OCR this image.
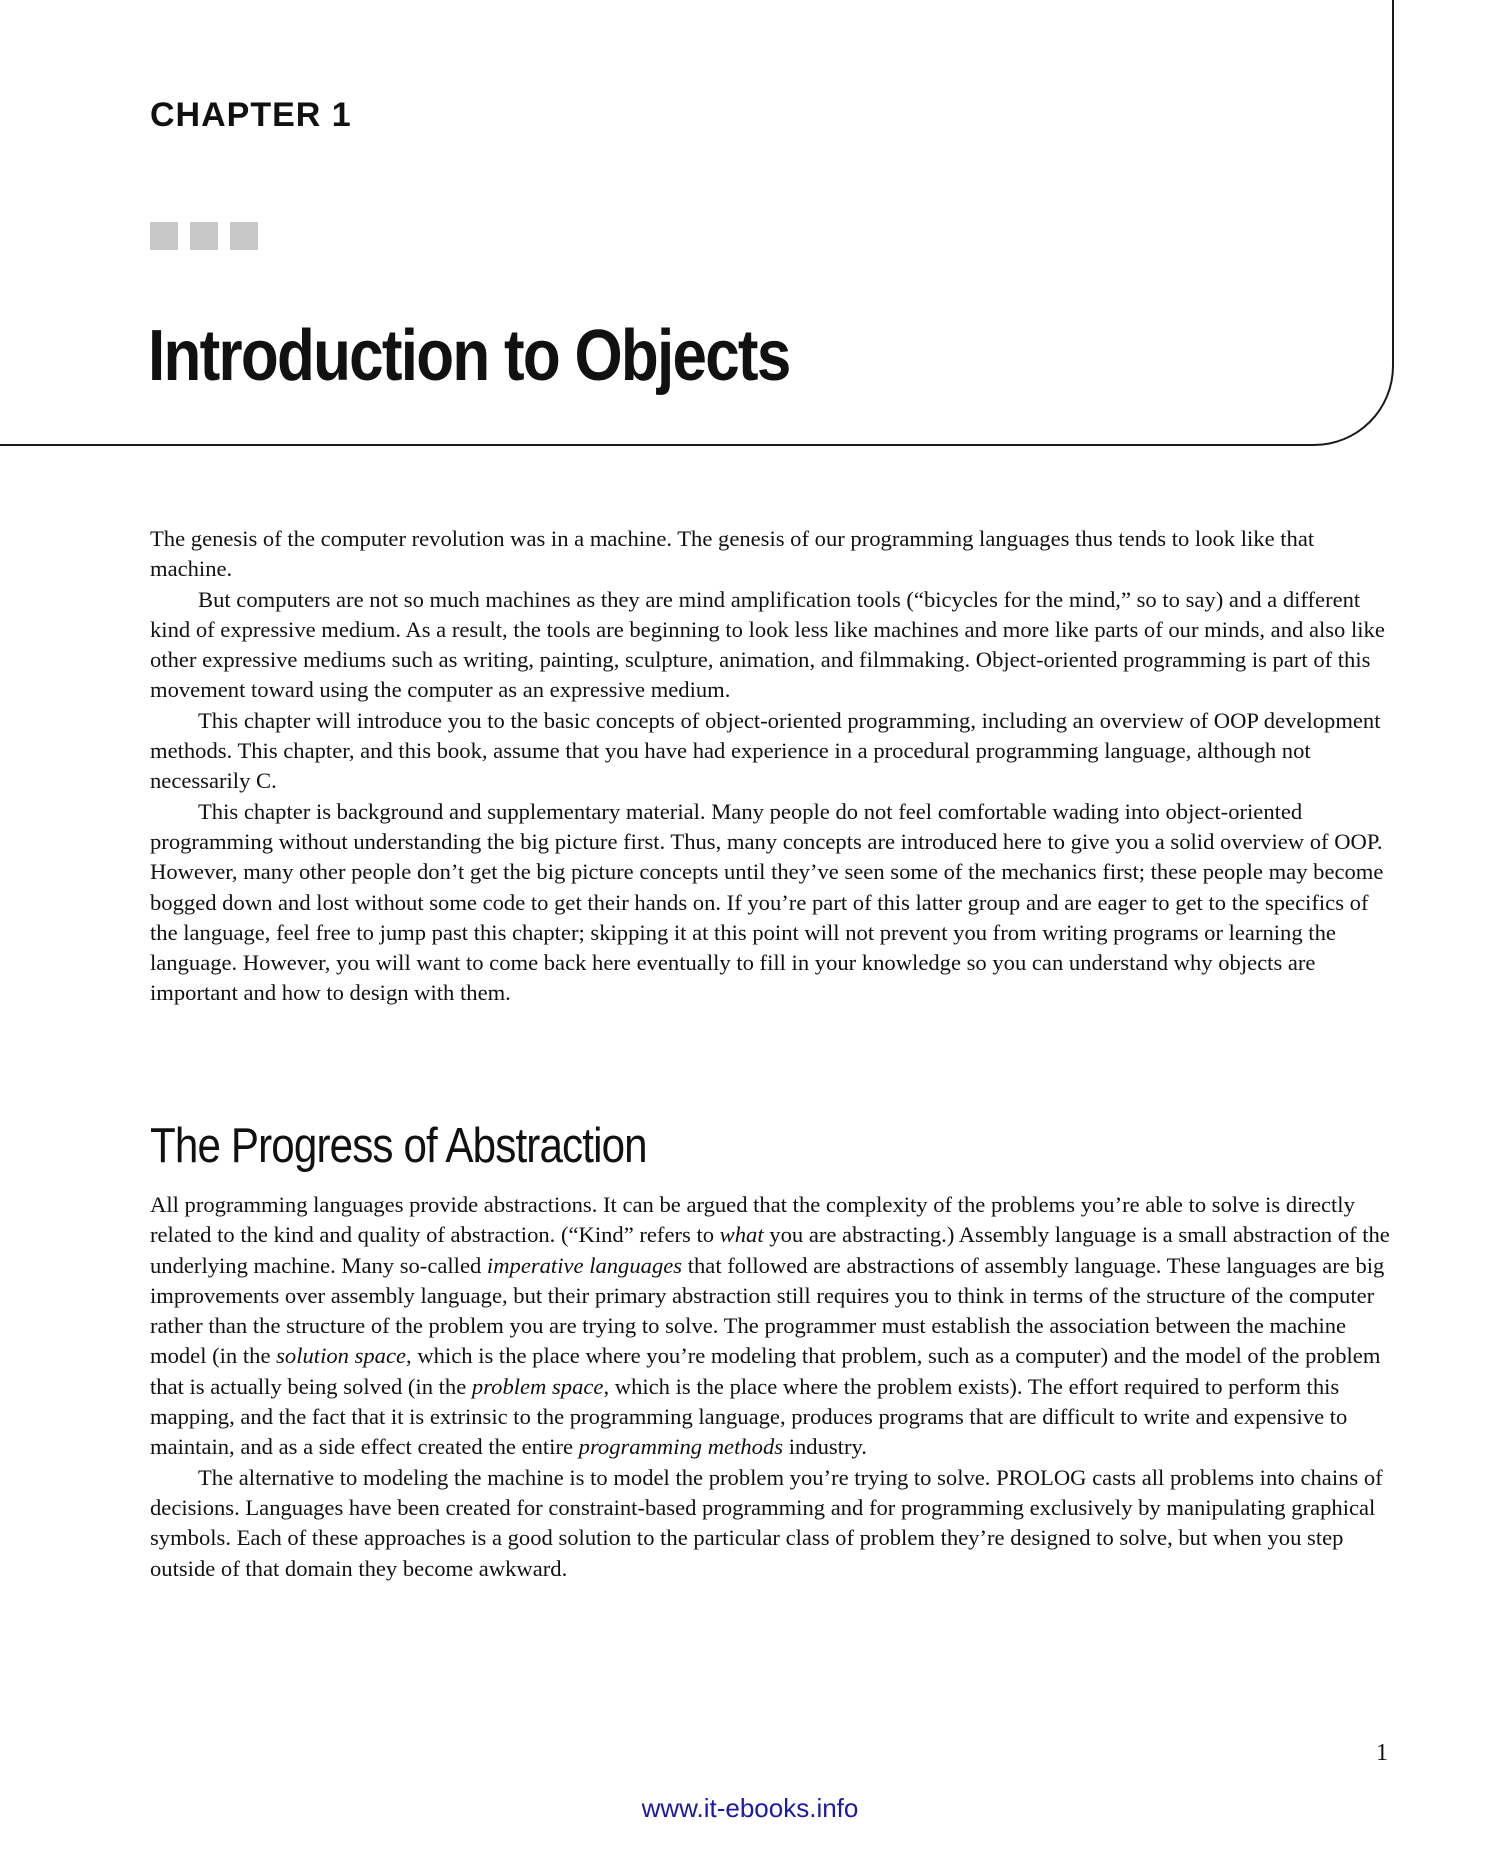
CHAPTER 1
Introduction to Objects

The genesis of the computer revolution was in a machine. The genesis of our programming languages thus tends to look like that machine.

But computers are not so much machines as they are mind amplification tools (“bicycles for the mind,” so to say) and a different kind of expressive medium. As a result, the tools are beginning to look less like machines and more like parts of our minds, and also like other expressive mediums such as writing, painting, sculpture, animation, and filmmaking. Object-oriented programming is part of this movement toward using the computer as an expressive medium.

This chapter will introduce you to the basic concepts of object-oriented programming, including an overview of OOP development methods. This chapter, and this book, assume that you have had experience in a procedural programming language, although not necessarily C.

This chapter is background and supplementary material. Many people do not feel comfortable wading into object-oriented programming without understanding the big picture first. Thus, many concepts are introduced here to give you a solid overview of OOP. However, many other people don’t get the big picture concepts until they’ve seen some of the mechanics first; these people may become bogged down and lost without some code to get their hands on. If you’re part of this latter group and are eager to get to the specifics of the language, feel free to jump past this chapter; skipping it at this point will not prevent you from writing programs or learning the language. However, you will want to come back here eventually to fill in your knowledge so you can understand why objects are important and how to design with them.

The Progress of Abstraction

All programming languages provide abstractions. It can be argued that the complexity of the problems you’re able to solve is directly related to the kind and quality of abstraction. (“Kind” refers to what you are abstracting.) Assembly language is a small abstraction of the underlying machine. Many so-called imperative languages that followed are abstractions of assembly language. These languages are big improvements over assembly language, but their primary abstraction still requires you to think in terms of the structure of the computer rather than the structure of the problem you are trying to solve. The programmer must establish the association between the machine model (in the solution space, which is the place where you’re modeling that problem, such as a computer) and the model of the problem that is actually being solved (in the problem space, which is the place where the problem exists). The effort required to perform this mapping, and the fact that it is extrinsic to the programming language, produces programs that are difficult to write and expensive to maintain, and as a side effect created the entire programming methods industry.

The alternative to modeling the machine is to model the problem you’re trying to solve. PROLOG casts all problems into chains of decisions. Languages have been created for constraint-based programming and for programming exclusively by manipulating graphical symbols. Each of these approaches is a good solution to the particular class of problem they’re designed to solve, but when you step outside of that domain they become awkward.

1
www.it-ebooks.info
